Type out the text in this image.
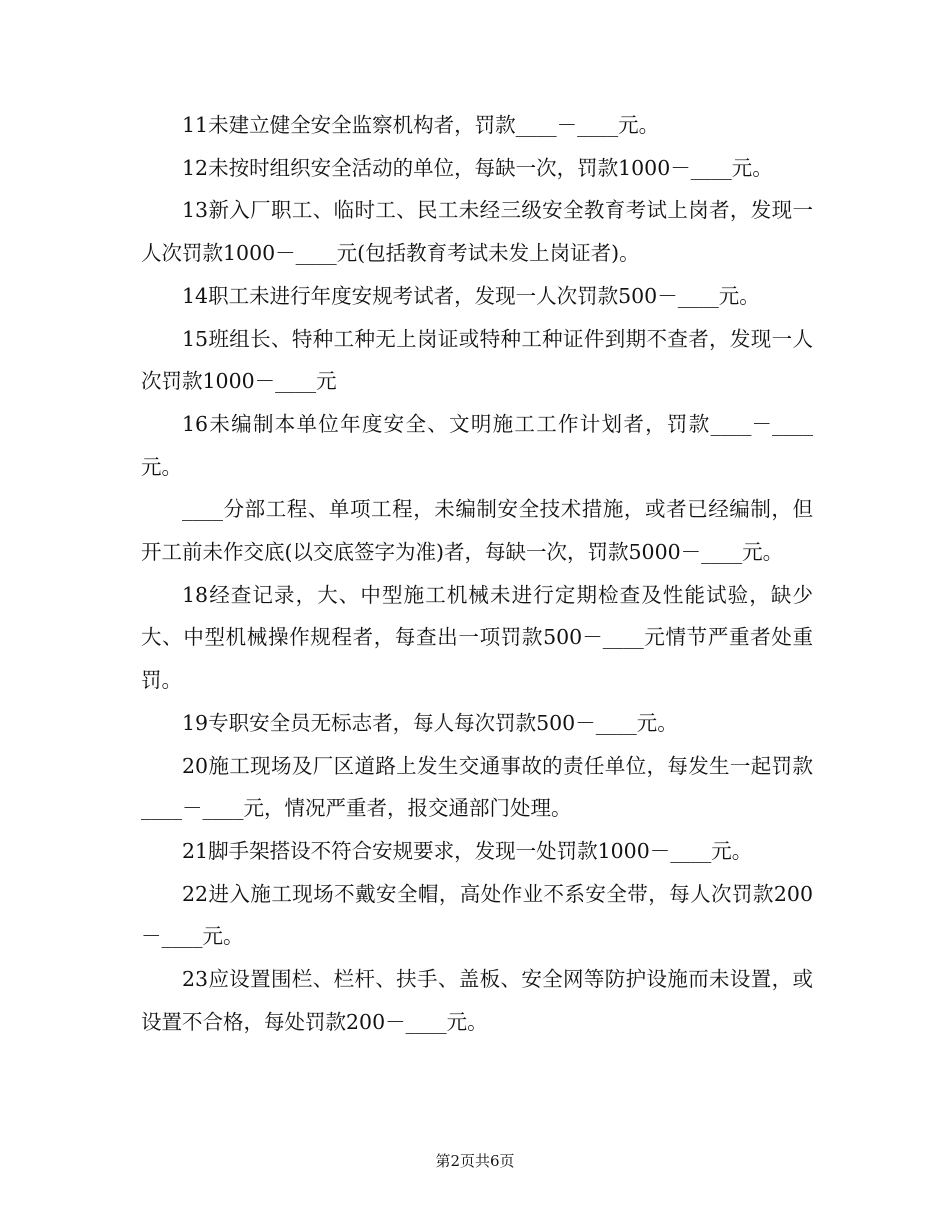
11未建立健全安全监察机构者，罚款____－____元。

12未按时组织安全活动的单位，每缺一次，罚款1000－____元。

13新入厂职工、临时工、民工未经三级安全教育考试上岗者，发现一人次罚款1000－____元(包括教育考试未发上岗证者)。

14职工未进行年度安规考试者，发现一人次罚款500－____元。

15班组长、特种工种无上岗证或特种工种证件到期不查者，发现一人次罚款1000－____元

16未编制本单位年度安全、文明施工工作计划者，罚款____－____元。

____分部工程、单项工程，未编制安全技术措施，或者已经编制，但开工前未作交底(以交底签字为准)者，每缺一次，罚款5000－____元。

18经查记录，大、中型施工机械未进行定期检查及性能试验，缺少大、中型机械操作规程者，每查出一项罚款500－____元情节严重者处重罚。

19专职安全员无标志者，每人每次罚款500－____元。

20施工现场及厂区道路上发生交通事故的责任单位，每发生一起罚款____－____元，情况严重者，报交通部门处理。

21脚手架搭设不符合安规要求，发现一处罚款1000－____元。

22进入施工现场不戴安全帽，高处作业不系安全带，每人次罚款200－____元。

23应设置围栏、栏杆、扶手、盖板、安全网等防护设施而未设置，或设置不合格，每处罚款200－____元。

第2页共6页
